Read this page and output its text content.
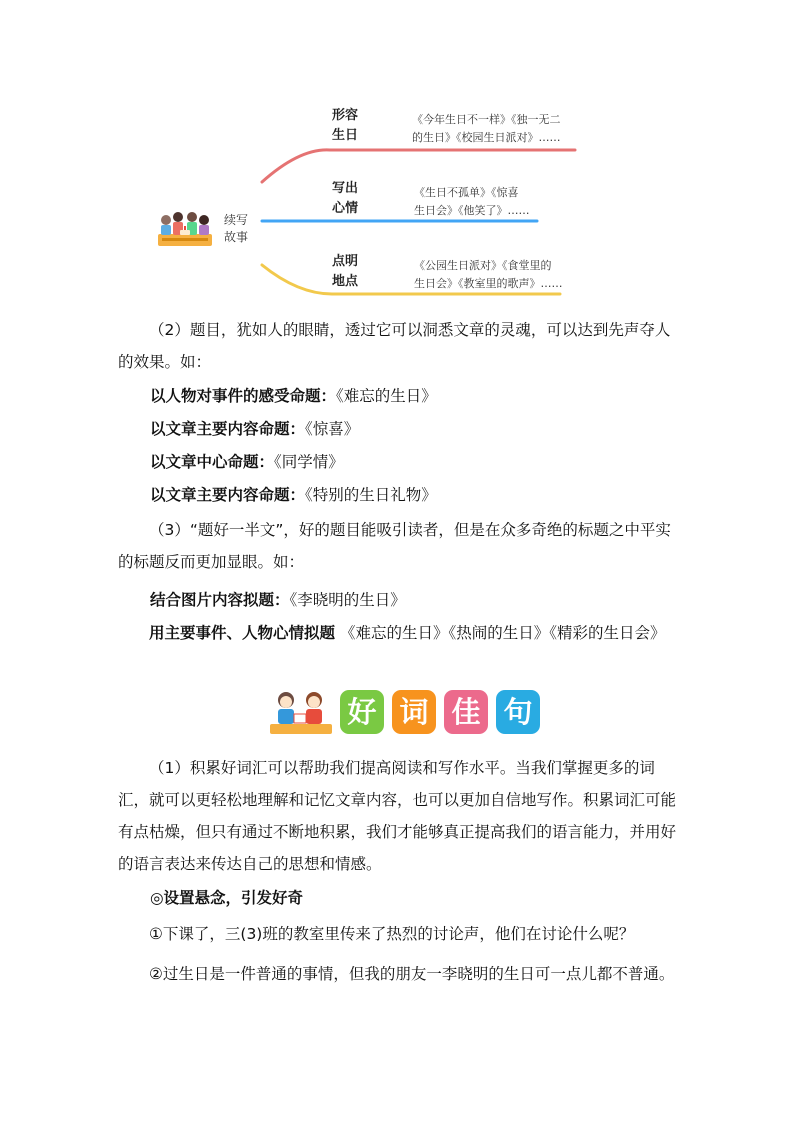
续写
故事
形容
生日
《今年生日不一样》《独一无二
的生日》《校园生日派对》……
写出
心情
《生日不孤单》《惊喜
生日会》《他笑了》……
点明
地点
《公园生日派对》《食堂里的
生日会》《教室里的歌声》……

（2）题目，犹如人的眼睛，透过它可以洞悉文章的灵魂，可以达到先声夺人的效果。如：

以人物对事件的感受命题：《难忘的生日》

以文章主要内容命题：《惊喜》

以文章中心命题：《同学情》

以文章主要内容命题：《特别的生日礼物》

（3）“题好一半文”，好的题目能吸引读者，但是在众多奇绝的标题之中平实的标题反而更加显眼。如：

结合图片内容拟题：《李晓明的生日》

用主要事件、人物心情拟题 《难忘的生日》《热闹的生日》《精彩的生日会》

好 词 佳 句

（1）积累好词汇可以帮助我们提高阅读和写作水平。当我们掌握更多的词汇，就可以更轻松地理解和记忆文章内容，也可以更加自信地写作。积累词汇可能有点枯燥，但只有通过不断地积累，我们才能够真正提高我们的语言能力，并用好的语言表达来传达自己的思想和情感。

◎设置悬念，引发好奇

①下课了，三(3)班的教室里传来了热烈的讨论声，他们在讨论什么呢？

②过生日是一件普通的事情，但我的朋友一李晓明的生日可一点儿都不普通。
